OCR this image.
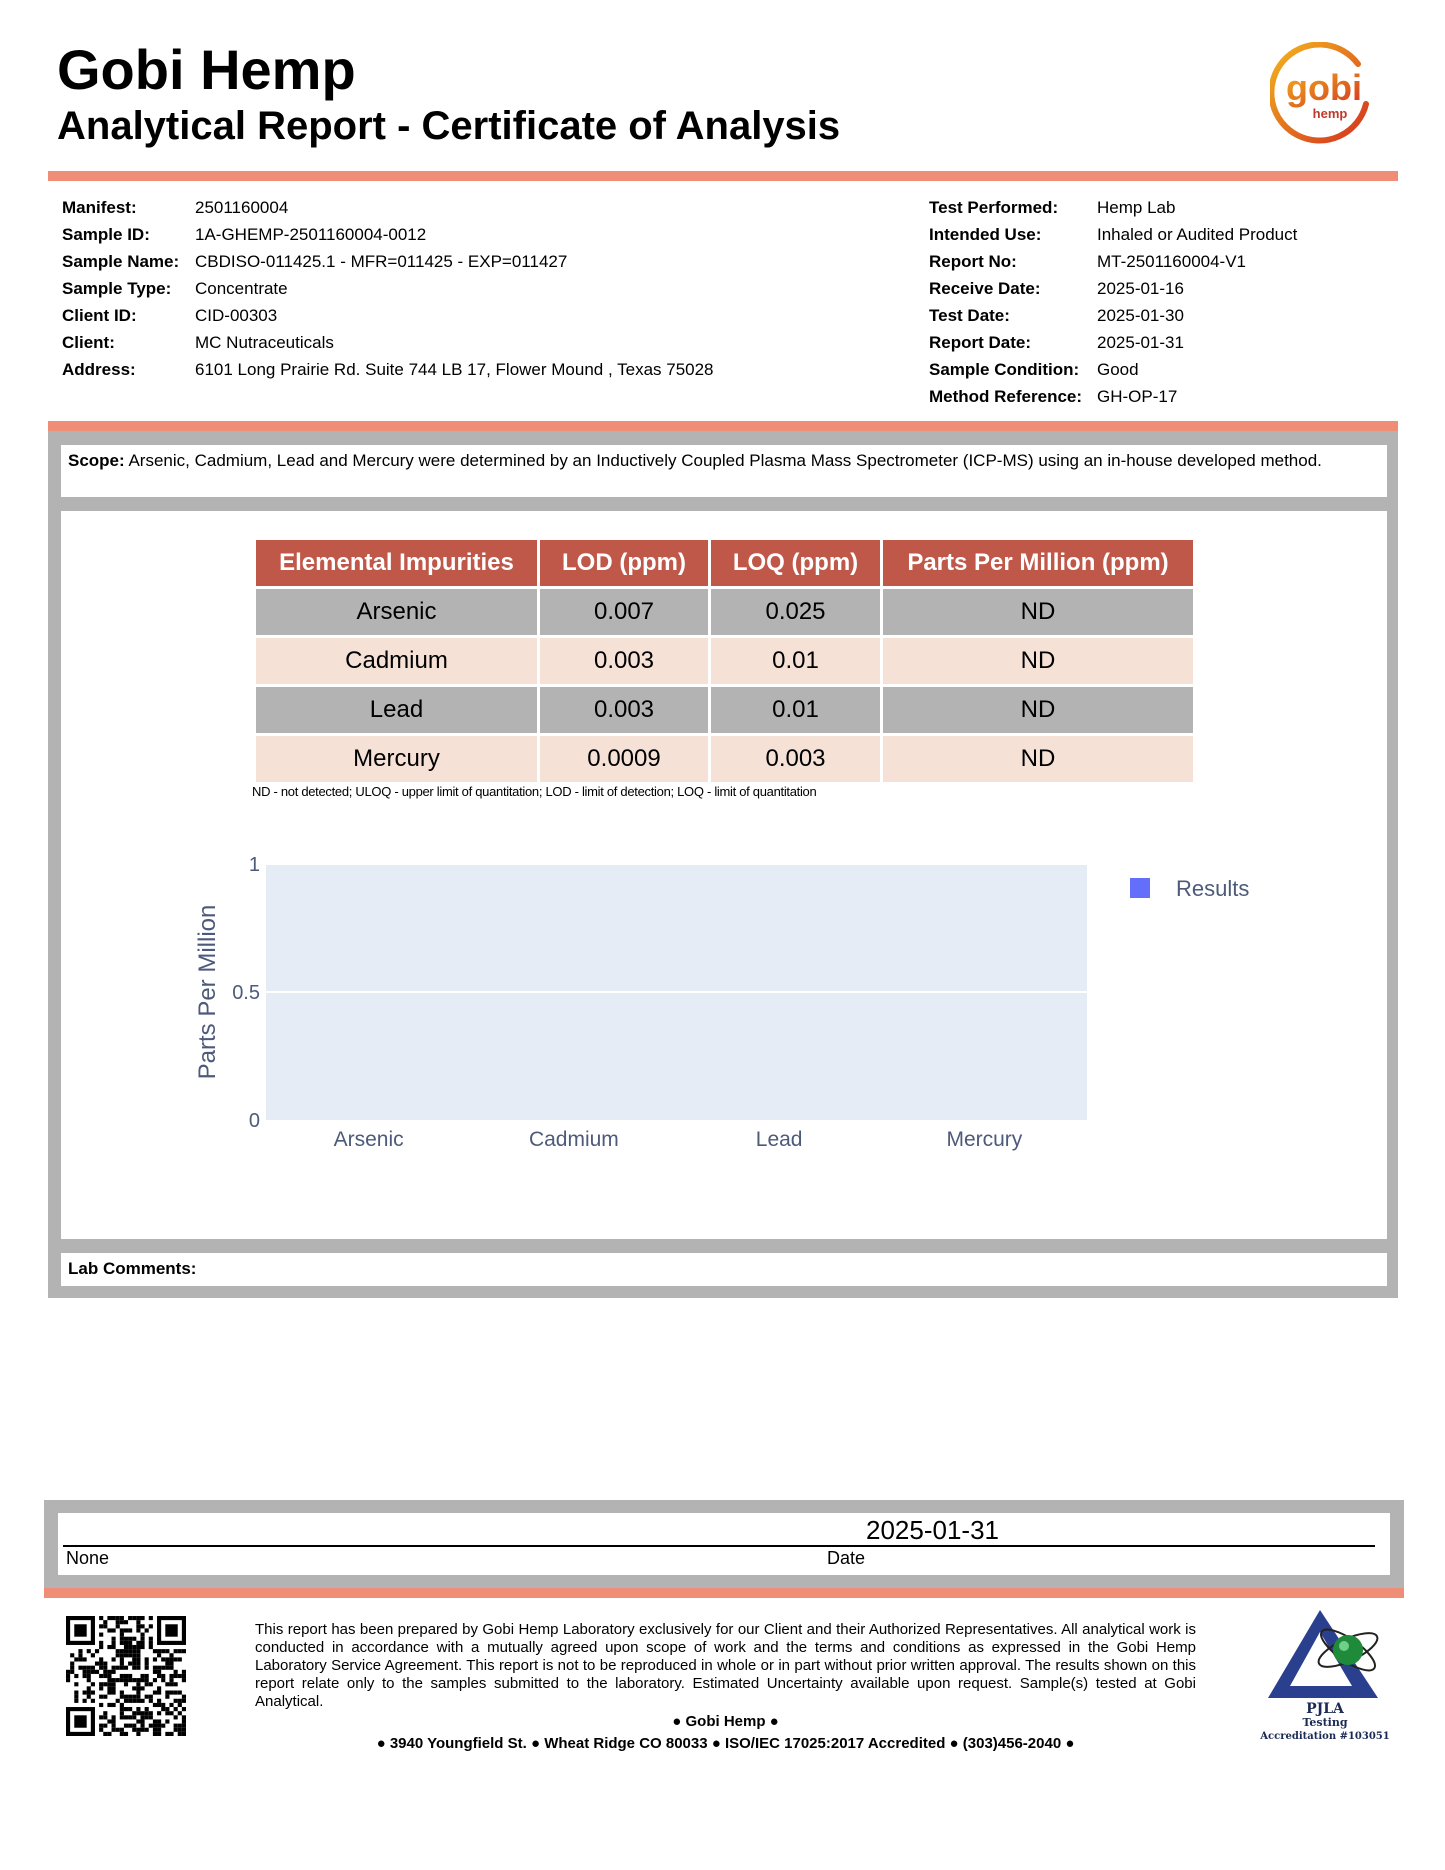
Gobi Hemp
Analytical Report - Certificate of Analysis
gobi
hemp
Manifest:	2501160004
Sample ID:	1A-GHEMP-2501160004-0012
Sample Name: CBDISO-011425.1 - MFR=011425 - EXP=011427
Sample Type:	Concentrate
Client ID:	CID-00303
Client:	MC Nutraceuticals
Address:	6101 Long Prairie Rd. Suite 744 LB 17, Flower Mound , Texas 75028
Test Performed:	Hemp Lab
Intended Use:	Inhaled or Audited Product
Report No:	MT-2501160004-V1
Receive Date:	2025-01-16
Test Date:	2025-01-30
Report Date:	2025-01-31
Sample Condition:	Good
Method Reference: GH-OP-17
Scope: Arsenic, Cadmium, Lead and Mercury were determined by an Inductively Coupled Plasma Mass Spectrometer (ICP-MS) using an in-house developed method.
Elemental Impurities	LOD (ppm)	LOQ (ppm)	Parts Per Million (ppm)
Arsenic	0.007	0.025	ND
Cadmium	0.003	0.01	ND
Lead	0.003	0.01	ND
Mercury	0.0009	0.003	ND
ND - not detected; ULOQ - upper limit of quantitation; LOD - limit of detection; LOQ - limit of quantitation
0
0.5
1
Arsenic	Cadmium	Lead	Mercury
Parts Per Million
Results
Lab Comments:
2025-01-31
None	Date
This report has been prepared by Gobi Hemp Laboratory exclusively for our Client and their Authorized Representatives. All analytical work is conducted in accordance with a mutually agreed upon scope of work and the terms and conditions as expressed in the Gobi Hemp Laboratory Service Agreement. This report is not to be reproduced in whole or in part without prior written approval. The results shown on this report relate only to the samples submitted to the laboratory. Estimated Uncertainty available upon request. Sample(s) tested at Gobi Analytical.
● Gobi Hemp ●
● 3940 Youngfield St. ● Wheat Ridge CO 80033 ● ISO/IEC 17025:2017 Accredited ● (303)456-2040 ●
PJLA
Testing
Accreditation #103051
